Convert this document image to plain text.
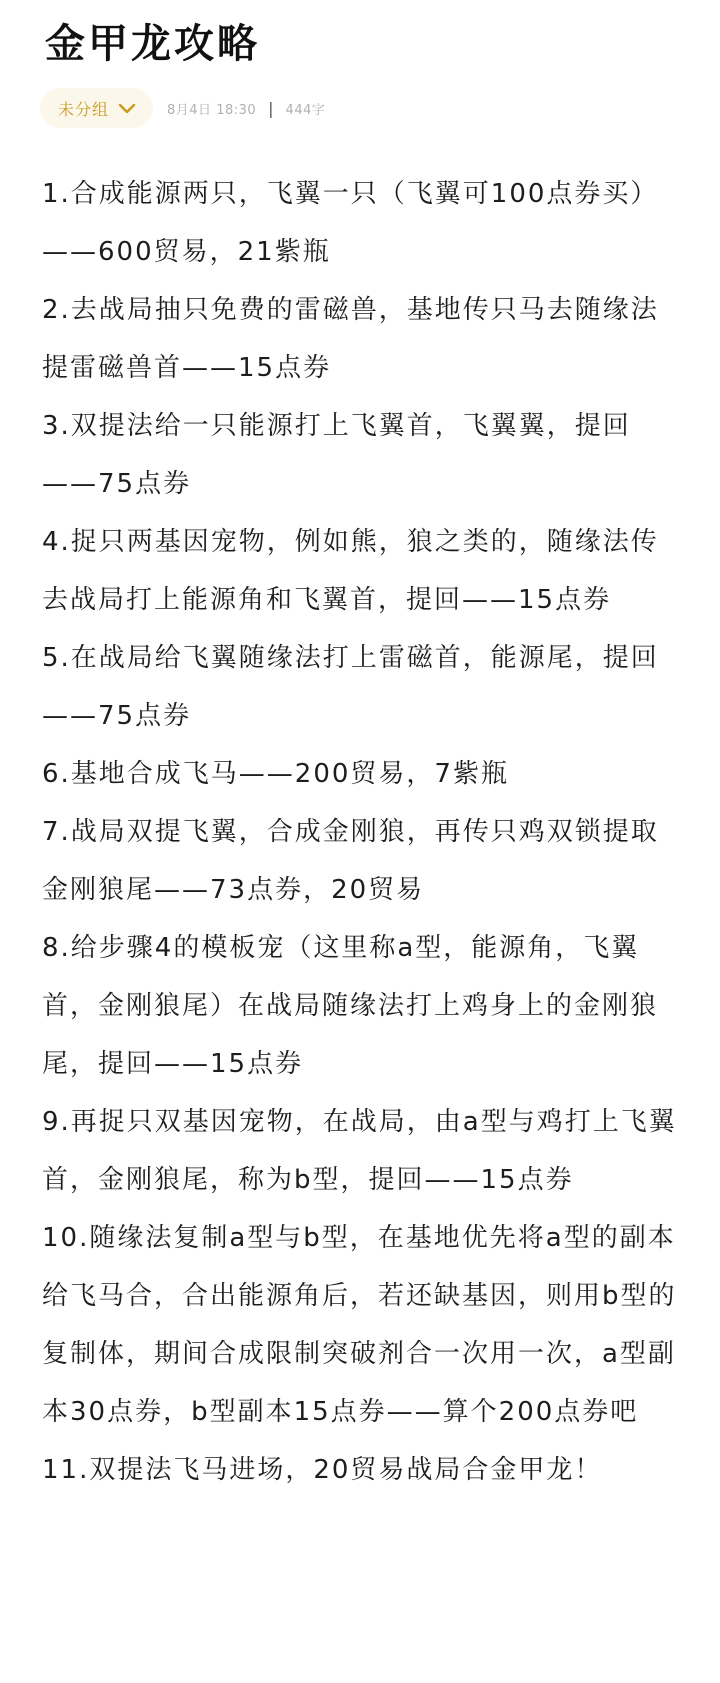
金甲龙攻略
未分组	8月4日 18:30 | 444字

1.合成能源两只，飞翼一只（飞翼可100点券买）——600贸易，21紫瓶

2.去战局抽只免费的雷磁兽，基地传只马去随缘法提雷磁兽首——15点券

3.双提法给一只能源打上飞翼首，飞翼翼，提回——75点券

4.捉只两基因宠物，例如熊，狼之类的，随缘法传去战局打上能源角和飞翼首，提回——15点券

5.在战局给飞翼随缘法打上雷磁首，能源尾，提回——75点券

6.基地合成飞马——200贸易，7紫瓶

7.战局双提飞翼，合成金刚狼，再传只鸡双锁提取金刚狼尾——73点券，20贸易

8.给步骤4的模板宠（这里称a型，能源角，飞翼首，金刚狼尾）在战局随缘法打上鸡身上的金刚狼尾，提回——15点券

9.再捉只双基因宠物，在战局，由a型与鸡打上飞翼首，金刚狼尾，称为b型，提回——15点券

10.随缘法复制a型与b型，在基地优先将a型的副本给飞马合，合出能源角后，若还缺基因，则用b型的复制体，期间合成限制突破剂合一次用一次，a型副本30点券，b型副本15点券——算个200点券吧

11.双提法飞马进场，20贸易战局合金甲龙！
